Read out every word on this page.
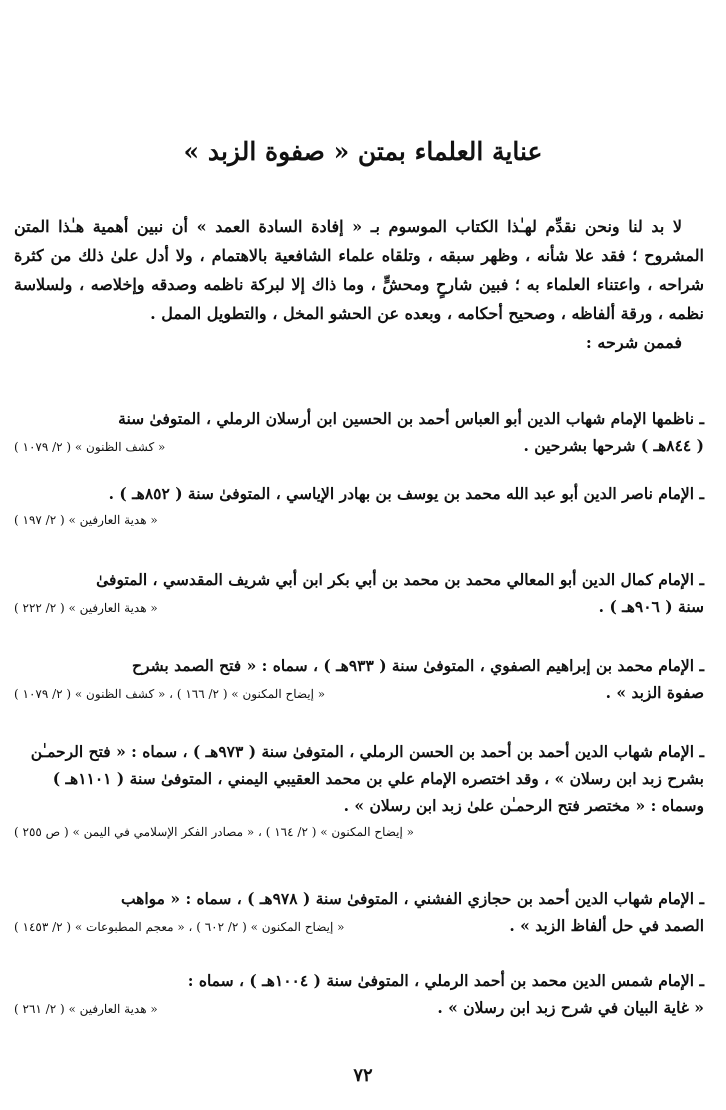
عناية العلماء بمتن « صفوة الزبد »

لا بد لنا ونحن نقدِّم لهـٰذا الكتاب الموسوم بـ « إفادة السادة العمد » أن نبين أهمية هـٰذا المتن المشروح ؛ فقد علا شأنه ، وظهر سبقه ، وتلقاه علماء الشافعية بالاهتمام ، ولا أدل علىٰ ذلك من كثرة شراحه ، واعتناء العلماء به ؛ فبين شارحٍ ومحشٍّ ، وما ذاك إلا لبركة ناظمه وصدقه وإخلاصه ، ولسلاسة نظمه ، ورقة ألفاظه ، وصحيح أحكامه ، وبعده عن الحشو المخل ، والتطويل الممل .

فممن شرحه :

ـ ناظمها الإمام شهاب الدين أبو العباس أحمد بن الحسين ابن أرسلان الرملي ، المتوفىٰ سنة
( ٨٤٤هـ ) شرحها بشرحين .
« كشف الظنون » ( ٢/ ١٠٧٩ )
ـ الإمام ناصر الدين أبو عبد الله محمد بن يوسف بن بهادر الإياسي ، المتوفىٰ سنة ( ٨٥٢هـ ) .
« هدية العارفين » ( ٢/ ١٩٧ )
ـ الإمام كمال الدين أبو المعالي محمد بن محمد بن أبي بكر ابن أبي شريف المقدسي ، المتوفىٰ
سنة ( ٩٠٦هـ ) .
« هدية العارفين » ( ٢/ ٢٢٢ )
ـ الإمام محمد بن إبراهيم الصفوي ، المتوفىٰ سنة ( ٩٣٣هـ ) ، سماه : « فتح الصمد بشرح
صفوة الزبد » .
« إيضاح المكنون » ( ٢/ ١٦٦ ) ، « كشف الظنون » ( ٢/ ١٠٧٩ )
ـ الإمام شهاب الدين أحمد بن أحمد بن الحسن الرملي ، المتوفىٰ سنة ( ٩٧٣هـ ) ، سماه : « فتح الرحمـٰن بشرح زبد ابن رسلان » ، وقد اختصره الإمام علي بن محمد العقيبي اليمني ، المتوفىٰ سنة ( ١١٠١هـ ) وسماه : « مختصر فتح الرحمـٰن علىٰ زبد ابن رسلان » .
« إيضاح المكنون » ( ٢/ ١٦٤ ) ، « مصادر الفكر الإسلامي في اليمن » ( ص ٢٥٥ )
ـ الإمام شهاب الدين أحمد بن حجازي الفشني ، المتوفىٰ سنة ( ٩٧٨هـ ) ، سماه : « مواهب
الصمد في حل ألفاظ الزبد » .
« إيضاح المكنون » ( ٢/ ٦٠٢ ) ، « معجم المطبوعات » ( ٢/ ١٤٥٣ )
ـ الإمام شمس الدين محمد بن أحمد الرملي ، المتوفىٰ سنة ( ١٠٠٤هـ ) ، سماه :
« غاية البيان في شرح زبد ابن رسلان » .
« هدية العارفين » ( ٢/ ٢٦١ )
٧٢
